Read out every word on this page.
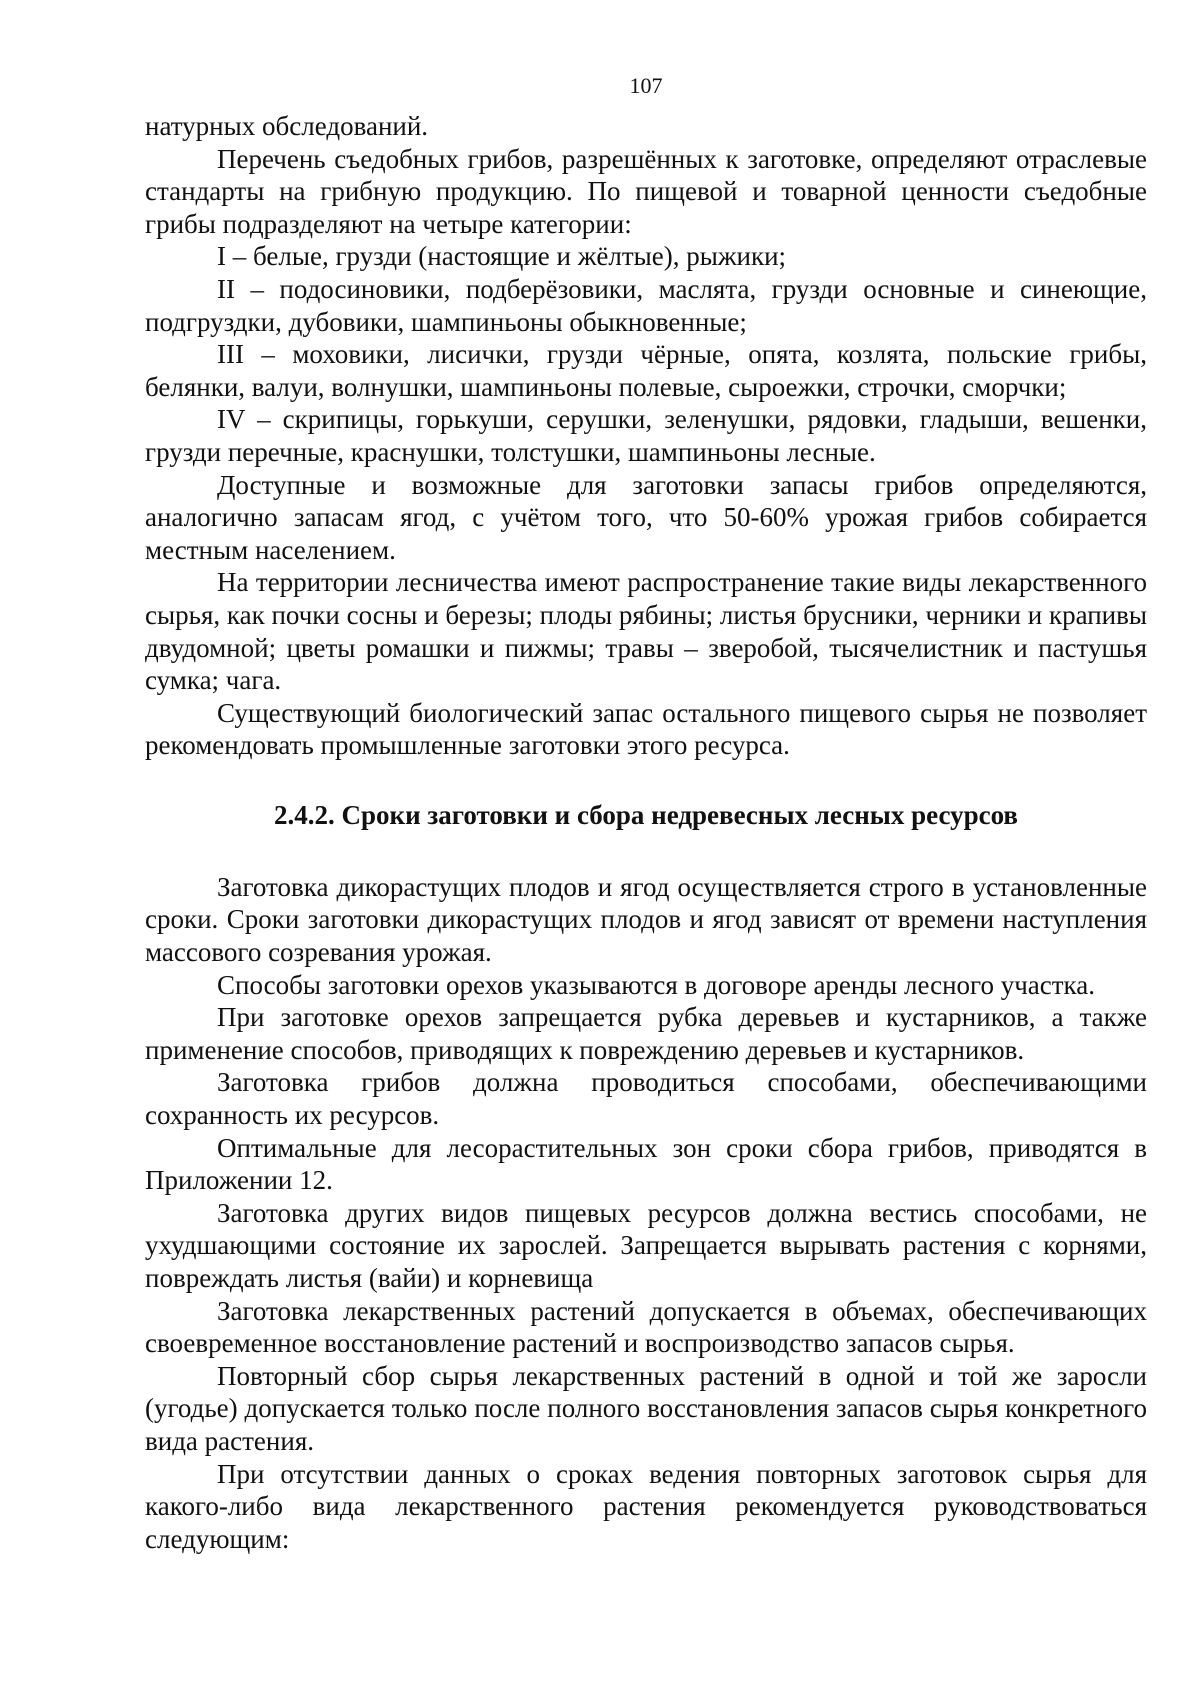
107

натурных обследований.

Перечень съедобных грибов, разрешённых к заготовке, определяют отраслевые стандарты на грибную продукцию. По пищевой и товарной ценности съедобные грибы подразделяют на четыре категории:

I – белые, грузди (настоящие и жёлтые), рыжики;

II – подосиновики, подберёзовики, маслята, грузди основные и синеющие, подгруздки, дубовики, шампиньоны обыкновенные;

III – моховики, лисички, грузди чёрные, опята, козлята, польские грибы, белянки, валуи, волнушки, шампиньоны полевые, сыроежки, строчки, сморчки;

IV – скрипицы, горькуши, серушки, зеленушки, рядовки, гладыши, вешенки, грузди перечные, краснушки, толстушки, шампиньоны лесные.

Доступные и возможные для заготовки запасы грибов определяются, аналогично запасам ягод, с учётом того, что 50-60% урожая грибов собирается местным населением.

На территории лесничества имеют распространение такие виды лекарственного сырья, как почки сосны и березы; плоды рябины; листья брусники, черники и крапивы двудомной; цветы ромашки и пижмы; травы – зверобой, тысячелистник и пастушья сумка; чага.

Существующий биологический запас остального пищевого сырья не позволяет рекомендовать промышленные заготовки этого ресурса.

2.4.2. Сроки заготовки и сбора недревесных лесных ресурсов

Заготовка дикорастущих плодов и ягод осуществляется строго в установленные сроки. Сроки заготовки дикорастущих плодов и ягод зависят от времени наступления массового созревания урожая.

Способы заготовки орехов указываются в договоре аренды лесного участка.

При заготовке орехов запрещается рубка деревьев и кустарников, а также применение способов, приводящих к повреждению деревьев и кустарников.

Заготовка грибов должна проводиться способами, обеспечивающими сохранность их ресурсов.

Оптимальные для лесорастительных зон сроки сбора грибов, приводятся в Приложении 12.

Заготовка других видов пищевых ресурсов должна вестись способами, не ухудшающими состояние их зарослей. Запрещается вырывать растения с корнями, повреждать листья (вайи) и корневища

Заготовка лекарственных растений допускается в объемах, обеспечивающих своевременное восстановление растений и воспроизводство запасов сырья.

Повторный сбор сырья лекарственных растений в одной и той же заросли (угодье) допускается только после полного восстановления запасов сырья конкретного вида растения.

При отсутствии данных о сроках ведения повторных заготовок сырья для какого-либо вида лекарственного растения рекомендуется руководствоваться следующим:
